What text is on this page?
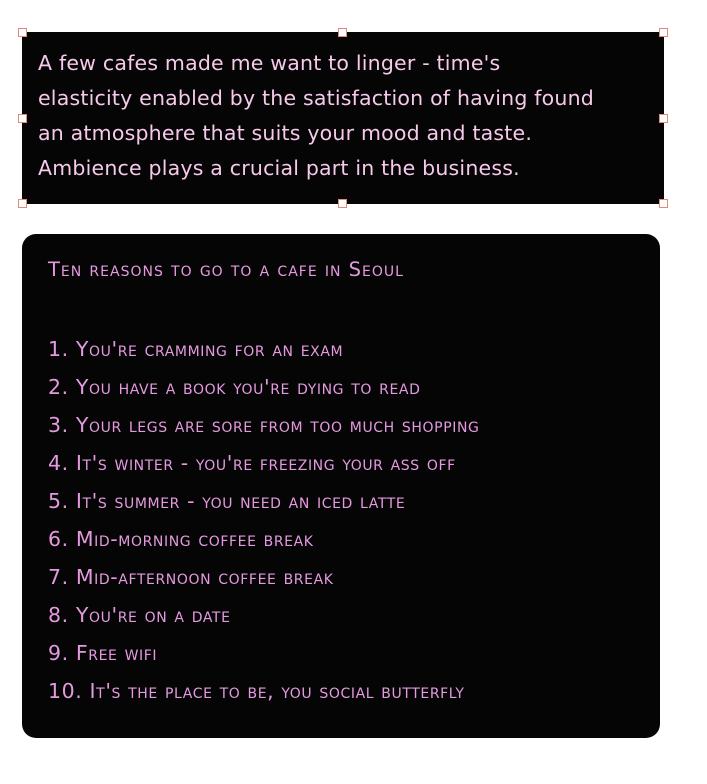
A few cafes made me want to linger - time's
elasticity enabled by the satisfaction of having found
an atmosphere that suits your mood and taste.
Ambience plays a crucial part in the business.
Ten reasons to go to a cafe in Seoul
1. You're cramming for an exam
2. You have a book you're dying to read
3. Your legs are sore from too much shopping
4. It's winter - you're freezing your ass off
5. It's summer - you need an iced latte
6. Mid-morning coffee break
7. Mid-afternoon coffee break
8. You're on a date
9. Free wifi
10. It's the place to be, you social butterfly
